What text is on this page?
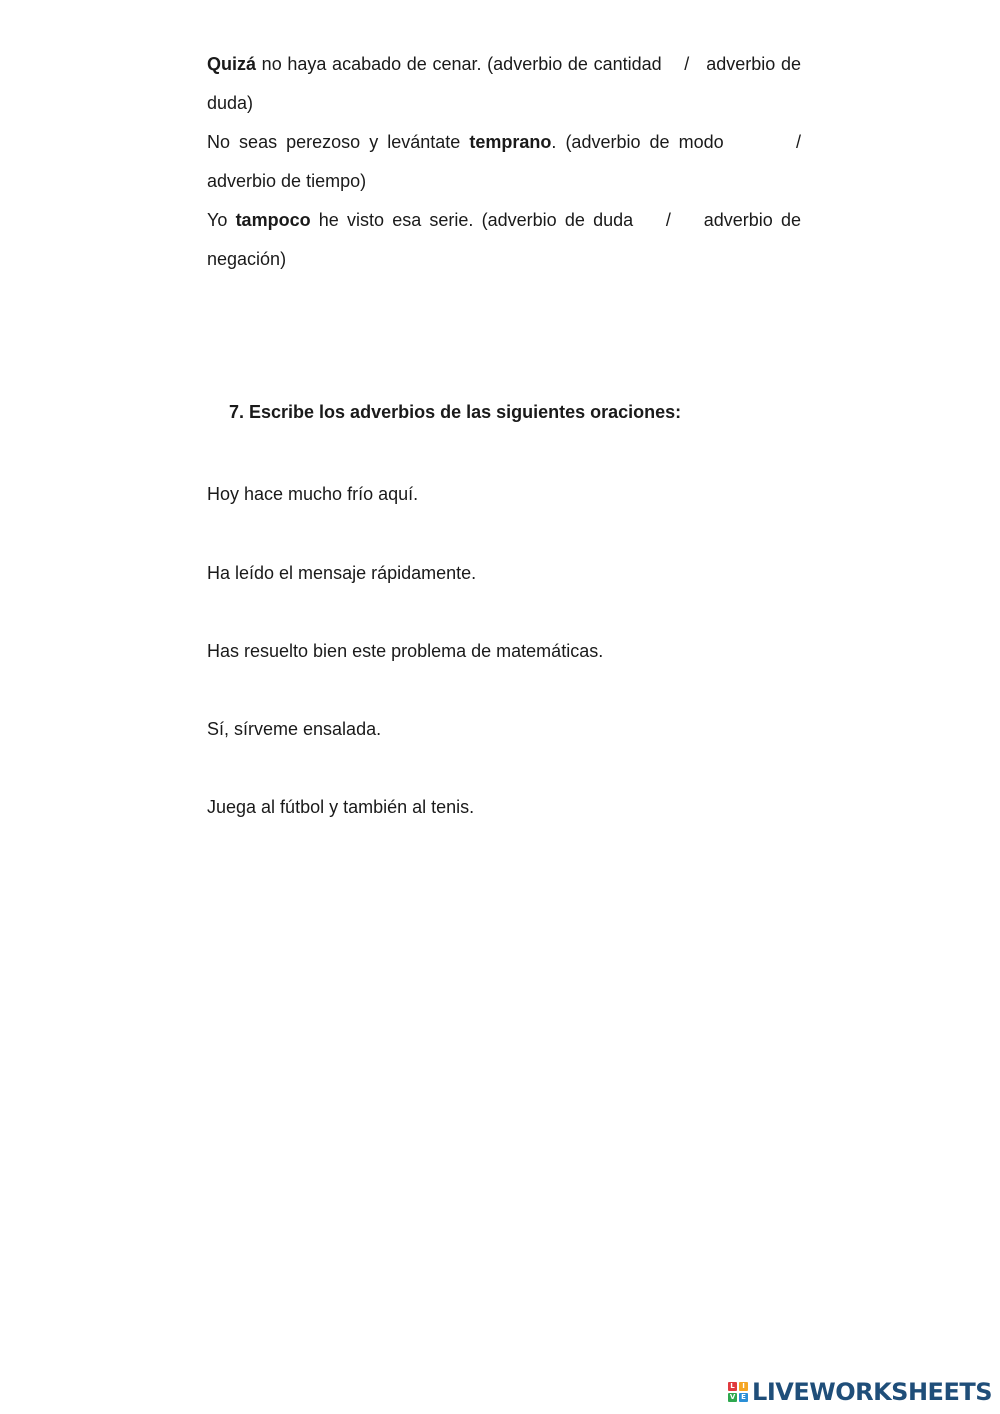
Quizá no haya acabado de cenar. (adverbio de cantidad    /   adverbio de duda)

No seas perezoso y levántate temprano. (adverbio de modo        / adverbio de tiempo)

Yo tampoco he visto esa serie. (adverbio de duda    /    adverbio de negación)

7. Escribe los adverbios de las siguientes oraciones:

Hoy hace mucho frío aquí.

Ha leído el mensaje rápidamente.

Has resuelto bien este problema de matemáticas.

Sí, sírveme ensalada.

Juega al fútbol y también al tenis.

L	I
V E LIVEWORKSHEETS
